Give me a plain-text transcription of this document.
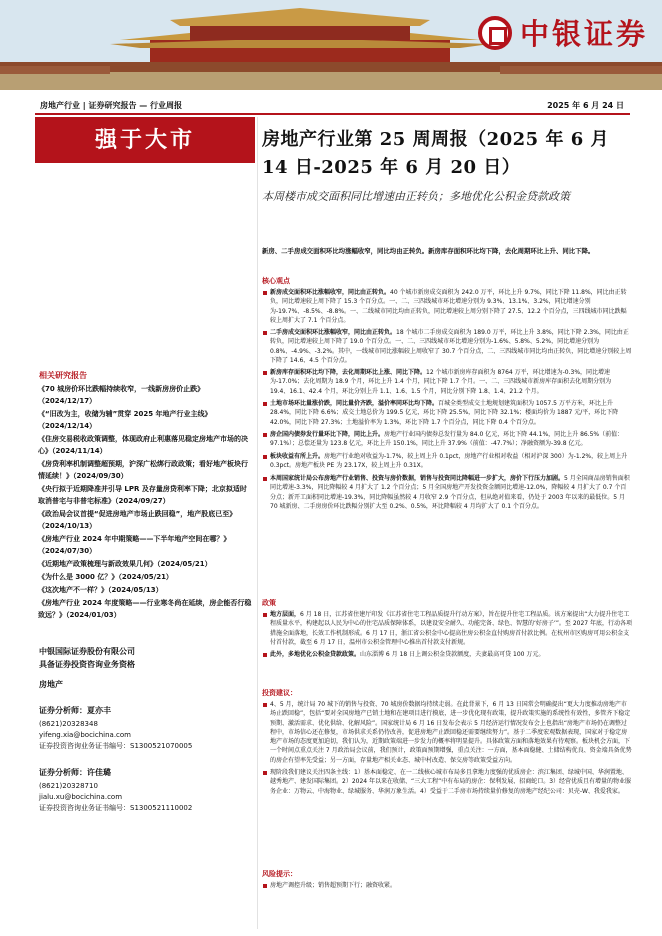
中银证券
房地产行业 | 证券研究报告 — 行业周报	2025 年 6 月 24 日
强于大市
相关研究报告
《70 城房价环比跌幅持续收窄，一线新房房价止跌》（2024/12/17）
《“旧改为主，收储为辅”贯穿 2025 年地产行业主线》（2024/12/14）
《住房交易税收政策调整，体现政府止利惠落见稳定房地产市场的决心》（2024/11/14）
《房贷利率机制调整超预期，沪深广松绑行政政策；看好地产板块行情延续！》（2024/09/30）
《央行拟于近期降准并引导 LPR 及存量房贷利率下降；北京拟适时取消普宅与非普宅标准》（2024/09/27）
《政治局会议首提“促进房地产市场止跌回稳”，地产股底已至》（2024/10/13）
《房地产行业 2024 年中期策略——下半年地产空间在哪？》（2024/07/30）
《近期地产政策梳理与新政效果几何》（2024/05/21）
《为什么是 3000 亿？》（2024/05/21）
《这次地产不一样？》（2024/05/13）
《房地产行业 2024 年度策略——行业寒冬尚在延续，房企能否行稳致远？》（2024/01/03）
中银国际证券股份有限公司
具备证券投资咨询业务资格
房地产
证券分析师：夏亦丰
(8621)20328348
yifeng.xia@bocichina.com
证券投资咨询业务证书编号：S1300521070005
证券分析师：许佳璐
(8621)20328710
jialu.xu@bocichina.com
证券投资咨询业务证书编号：S1300521110002
房地产行业第 25 周周报（2025 年 6 月 14 日-2025 年 6 月 20 日）
本周楼市成交面积同比增速由正转负；多地优化公积金贷款政策
新房、二手房成交面积环比均涨幅收窄，同比均由正转负。新房库存面积环比均下降，去化周期环比上升、同比下降。
核心观点
政策
投资建议：
风险提示：
新房成交面积环比涨幅收窄，同比由正转负。40 个城市新房成交面积为 242.0 万平，环比上升 9.7%，同比下降 11.8%，同比由正转负，同比增速较上周下降了 15.3 个百分点。一、二、三四线城市环比增速分别为 9.3%、13.1%、3.2%，同比增速分别为-19.7%、-8.5%、-8.8%。一、二线城市同比均由正转负，同比增速较上周分别下降了 27.5、12.2 个百分点，三四线城市同比跌幅较上周扩大了 7.1 个百分点。
二手房成交面积环比涨幅收窄，同比由正转负。18 个城市二手房成交面积为 189.0 万平，环比上升 3.8%，同比下降 2.3%，同比由正转负，同比增速较上周下降了 19.0 个百分点。一、二、三四线城市环比增速分别为-1.6%、5.8%、5.2%，同比增速分别为 0.8%、-4.9%、-3.2%。其中，一线城市同比涨幅较上周收窄了 30.7 个百分点，二、三四线城市同比均由正转负，同比增速分别较上周下降了 14.6、4.5 个百分点。
新房库存面积环比均下降，去化周期环比上涨、同比下降。12 个城市新房库存面积为 8764 万平，环比增速为-0.3%，同比增速为-17.0%；去化周期为 18.9 个月，环比上升 1.4 个月，同比下降 1.7 个月。一、二、三四线城市新房库存面积去化周期分别为 19.4、16.1、42.4 个月，环比分别上升 1.1、1.6、1.5 个月，同比分别下降 1.8、1.4、21.2 个月。
土地市场环比量涨价跌，同比量价齐跌，溢价率同环比均下降。百城全类型成交土地规划建筑面积为 1057.5 万平方米，环比上升 28.4%，同比下降 6.6%；成交土地总价为 199.5 亿元，环比下降 25.5%，同比下降 32.1%；楼面均价为 1887 元/平，环比下降 42.0%，同比下降 27.3%；土地溢价率为 1.3%，环比下降 1.7 个百分点，同比下降 0.4 个百分点。
房企国内债券发行量环比下降，同比上升。房地产行业国内债券总发行量为 84.0 亿元，环比下降 44.1%，同比上升 86.5%（前值：97.1%）；总偿还量为 123.8 亿元，环比上升 150.1%，同比上升 37.9%（前值：-47.7%）；净融资额为-39.8 亿元。
板块收益有所上升。房地产行业绝对收益为-1.7%，较上周上升 0.1pct，房地产行业相对收益（相对沪深 300）为-1.2%，较上周上升 0.3pct。房地产板块 PE 为 23.17X，较上周上升 0.31X。
本周国家统计局公布房地产行业销售、投资与房价数据，销售与投资同比降幅进一步扩大，房价下行压力加剧。5 月全国商品房销售面积同比增速-3.3%，同比降幅较 4 月扩大了 1.2 个百分点；5 月全国房地产开发投资金额同比增速-12.0%，降幅较 4 月扩大了 0.7 个百分点；新开工面积同比增速-19.3%，同比降幅虽然较 4 月收窄 2.9 个百分点，但从绝对值来看，仍处于 2003 年以来的最低位。5 月 70 城新房、二手房房价环比跌幅分别扩大至 0.2%、0.5%，环比降幅较 4 月均扩大了 0.1 个百分点。
地方层面，6 月 18 日，江苏省住建厅印发《江苏省住宅工程品质提升行动方案》，旨在提升住宅工程品质。该方案提出“大力提升住宅工程质量水平，构建起以人民为中心的住宅品质保障体系，以建设安全耐久、功能完备、绿色、智慧的‘好房子’”。至 2027 年底，行动各项措施全面落地，长效工作机制形成。6 月 17 日，浙江省公积金中心提高住房公积金直付购房首付款比例。在杭州市区购房可用公积金支付首付款，截至 6 月 17 日，温州市公积金管理中心推出首付款支付新规。
此外，多地优化公积金贷款政策。山东淄博 6 月 18 日上调公积金贷款额度，夫妻最高可贷 100 万元。
4、5 月，统计局 70 城下的销售与投资、70 城房价数据均持续走弱。在此背景下，6 月 13 日国常会明确提出“更大力度推动房地产市场止跌回稳”，包括“要对全国房地产已销土地和在建项目进行摸底，进一步优化现有政策，提升政策实施的系统性有效性，多管齐下稳定预期、激活需求、优化供给、化解风险”。国家统计局 6 月 16 日发布会表示 5 月经济运行情况发布会上也指出“房地产市场仍在调整过程中，市场信心还在修复，市场供求关系仍待改善，促进房地产止跌回稳还需要继续努力”。基于二季度宏观数据表现，国家对于稳定房地产市场的态度更加迫切，我们认为，近期政策端进一步发力的概率将明显提升。具体政策方面和落地效果有待观察。板块机会方面，下一个时间点重点关注 7 月政治局会议前，我们预计，政策面预期增强，重点关注：一方面，基本面稳健、土储结构优良、资金端具备优势的房企有望率先受益；另一方面，存量地产相关业态、城中村改造、保交房等政策受益方向。
现阶段我们建议关注四条主线：1）基本面稳定、在一二线核心城市布局多且拿地力度强的优质房企：滨江集团、绿城中国、华润置地、越秀地产、建发国际集团。2）2024 年以来在收储、“三大工程”中有布局的房企：保利发展、招商蛇口。3）经营优质且有增量的物业服务企业：万物云、中海物业、绿城服务、华润万象生活。4）受益于二手房市场持续量价修复的房地产经纪公司：贝壳-W、我爱我家。
房地产调控升级；销售超预期下行；融资收紧。
